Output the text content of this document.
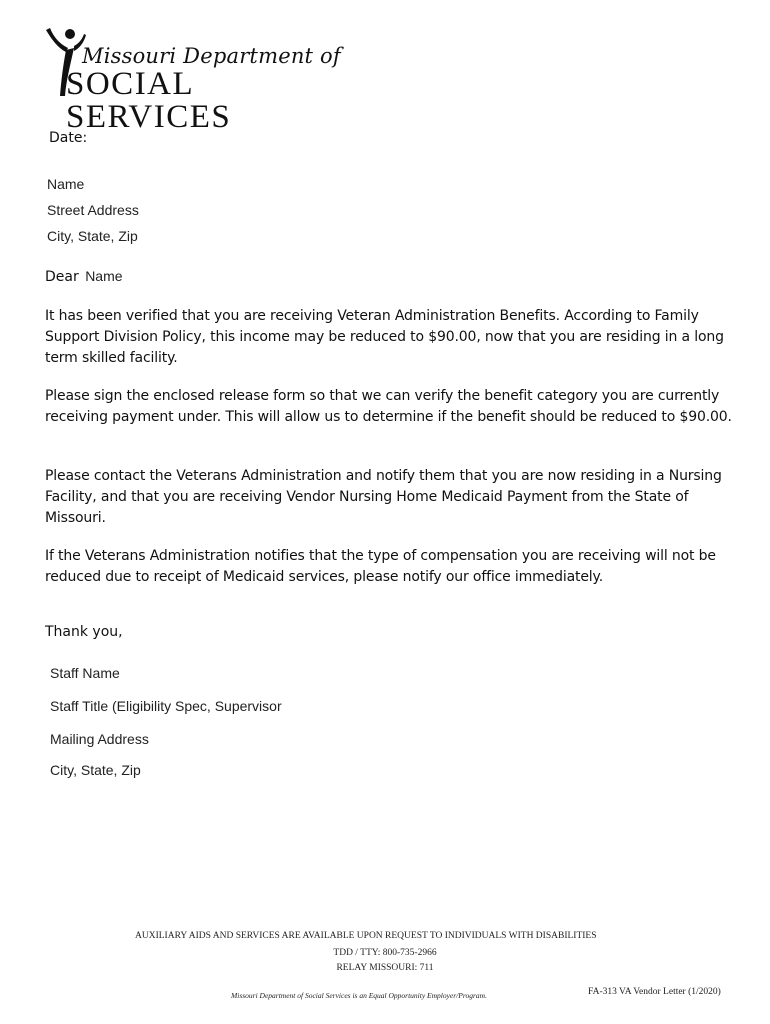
Missouri Department of
SOCIAL SERVICES
Date:
Name
Street Address
City, State, Zip
Dear Name

It has been verified that you are receiving Veteran Administration Benefits. According to Family Support Division Policy, this income may be reduced to $90.00, now that you are residing in a long term skilled facility.

Please sign the enclosed release form so that we can verify the benefit category you are currently receiving payment under. This will allow us to determine if the benefit should be reduced to $90.00.

Please contact the Veterans Administration and notify them that you are now residing in a Nursing Facility, and that you are receiving Vendor Nursing Home Medicaid Payment from the State of Missouri.

If the Veterans Administration notifies that the type of compensation you are receiving will not be reduced due to receipt of Medicaid services, please notify our office immediately.

Thank you,
Staff Name
Staff Title (Eligibility Spec, Supervisor
Mailing Address
City, State, Zip
AUXILIARY AIDS AND SERVICES ARE AVAILABLE UPON REQUEST TO INDIVIDUALS WITH DISABILITIES
TDD / TTY: 800-735-2966
RELAY MISSOURI: 711
Missouri Department of Social Services is an Equal Opportunity Employer/Program.	FA-313 VA Vendor Letter (1/2020)
